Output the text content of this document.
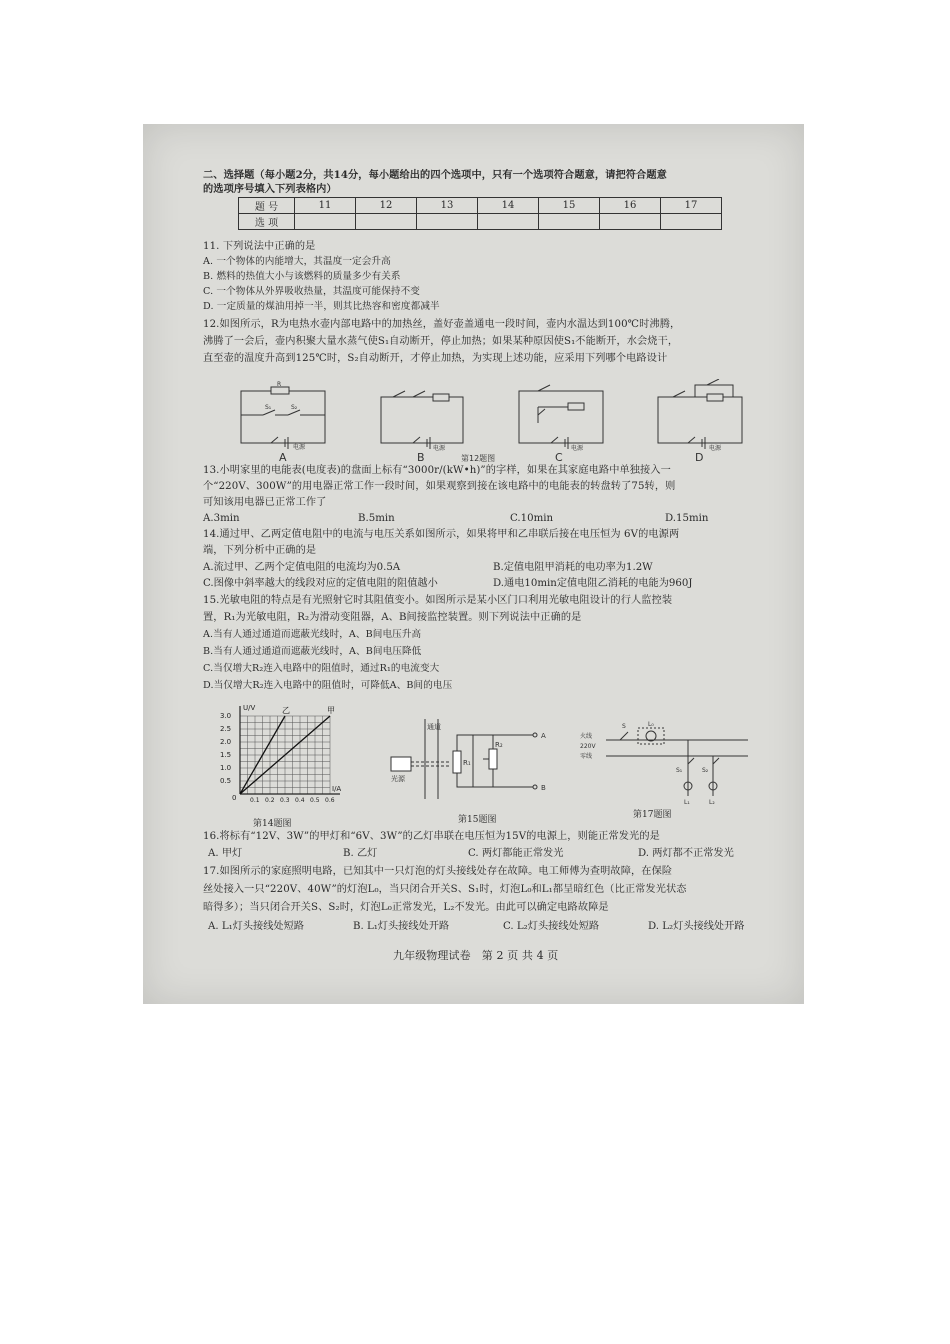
二、选择题（每小题2分，共14分，每小题给出的四个选项中，只有一个选项符合题意，请把符合题意
的选项序号填入下列表格内）
题 号	11	12	13	14	15	16	17
选 项							
11. 下列说法中正确的是
A. 一个物体的内能增大，其温度一定会升高
B. 燃料的热值大小与该燃料的质量多少有关系
C. 一个物体从外界吸收热量，其温度可能保持不变
D. 一定质量的煤油用掉一半，则其比热容和密度都减半
12.如图所示，R为电热水壶内部电路中的加热丝，盖好壶盖通电一段时间，壶内水温达到100℃时沸腾，
沸腾了一会后，壶内积聚大量水蒸气使S₁自动断开，停止加热；如果某种原因使S₁不能断开，水会烧干，
直至壶的温度升高到125℃时，S₂自动断开，才停止加热，为实现上述功能，应采用下列哪个电路设计
R
S₁	S₂
电源	电源	电源	电源
A	B	C	D
第12题图
13.小明家里的电能表(电度表)的盘面上标有“3000r/(kW•h)”的字样，如果在其家庭电路中单独接入一
个“220V、300W”的用电器正常工作一段时间，如果观察到接在该电路中的电能表的转盘转了75转，则
可知该用电器已正常工作了
A.3min	B.5min	C.10min	D.15min
14.通过甲、乙两定值电阻中的电流与电压关系如图所示，如果将甲和乙串联后接在电压恒为 6V的电源两
端，下列分析中正确的是
A.流过甲、乙两个定值电阻的电流均为0.5A	B.定值电阻甲消耗的电功率为1.2W
C.图像中斜率越大的线段对应的定值电阻的阻值越小	D.通电10min定值电阻乙消耗的电能为960J
15.光敏电阻的特点是有光照射它时其阻值变小。如图所示是某小区门口利用光敏电阻设计的行人监控装
置，R₁为光敏电阻，R₂为滑动变阻器，A、B间接监控装置。则下列说法中正确的是
A.当有人通过通道而遮蔽光线时，A、B间电压升高
B.当有人通过通道而遮蔽光线时，A、B间电压降低
C.当仅增大R₂连入电路中的阻值时，通过R₁的电流变大
D.当仅增大R₂连入电路中的阻值时，可降低A、B间的电压
0.1 0.2 0.3 0.4 0.5 0.6
0.5
1.0
1.5
2.0
2.5
3.0
0
U/V
I/A
乙	甲
第14题图
通道
光源
R₁
R₂
A
B
第15题图
火线
220V
零线
S	L₀
S₁	S₂
L₁	L₂
第17题图
16.将标有“12V、3W”的甲灯和“6V、3W”的乙灯串联在电压恒为15V的电源上，则能正常发光的是
A. 甲灯	B. 乙灯	C. 两灯都能正常发光	D. 两灯都不正常发光
17.如图所示的家庭照明电路，已知其中一只灯泡的灯头接线处存在故障。电工师傅为查明故障，在保险
丝处接入一只“220V、40W”的灯泡L₀，当只闭合开关S、S₁时，灯泡L₀和L₁都呈暗红色（比正常发光状态
暗得多）；当只闭合开关S、S₂时，灯泡L₀正常发光，L₂不发光。由此可以确定电路故障是
A. L₁灯头接线处短路	B. L₁灯头接线处开路	C. L₂灯头接线处短路	D. L₂灯头接线处开路
九年级物理试卷　第 2 页 共 4 页
